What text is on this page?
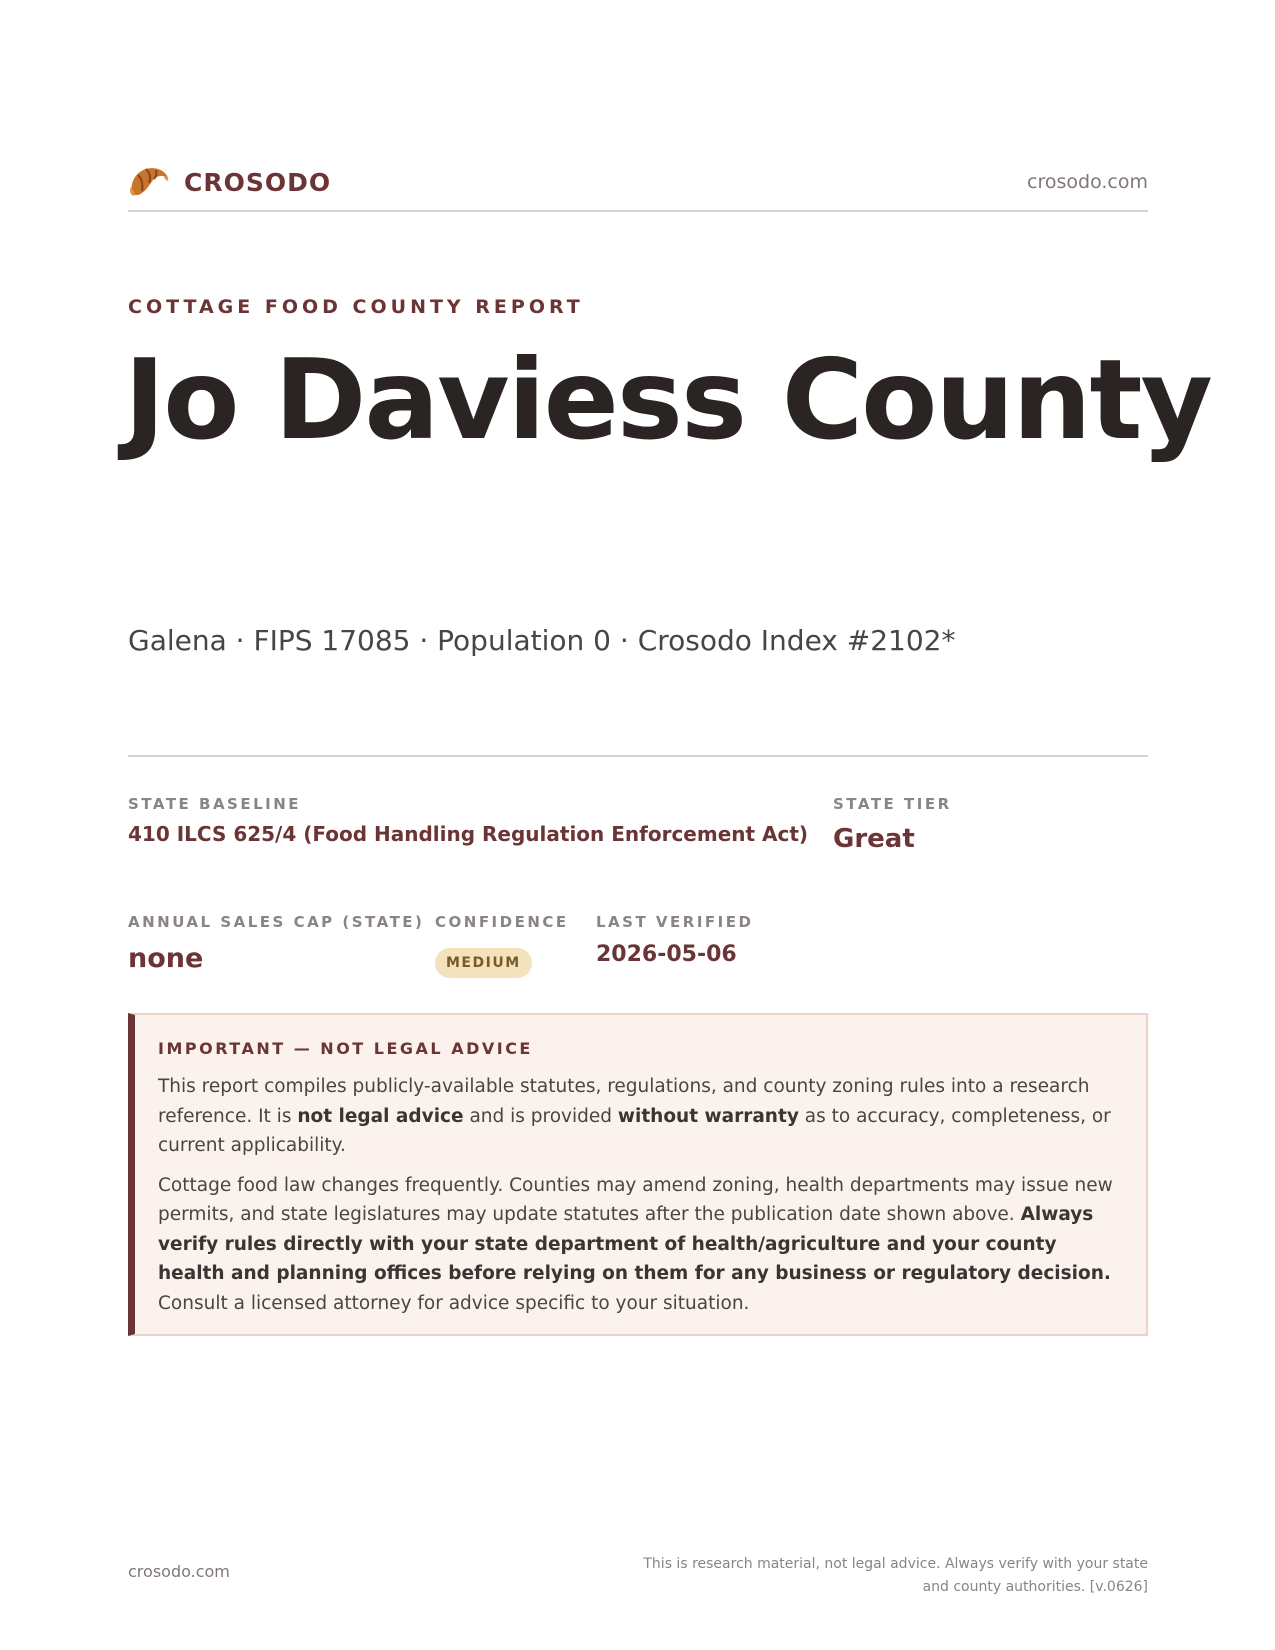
CROSODO	crosodo.com
COTTAGE FOOD COUNTY REPORT
Jo Daviess County
Galena · FIPS 17085 · Population 0 · Crosodo Index #2102*
STATE BASELINE
410 ILCS 625/4 (Food Handling Regulation Enforcement Act)
STATE TIER
Great
ANNUAL SALES CAP (STATE)
none
CONFIDENCE
MEDIUM
LAST VERIFIED
2026-05-06
IMPORTANT — NOT LEGAL ADVICE

This report compiles publicly-available statutes, regulations, and county zoning rules into a research reference. It is not legal advice and is provided without warranty as to accuracy, completeness, or current applicability.

Cottage food law changes frequently. Counties may amend zoning, health departments may issue new permits, and state legislatures may update statutes after the publication date shown above. Always verify rules directly with your state department of health/agriculture and your county health and planning offices before relying on them for any business or regulatory decision. Consult a licensed attorney for advice specific to your situation.

crosodo.com	This is research material, not legal advice. Always verify with your state
and county authorities. [v.0626]
